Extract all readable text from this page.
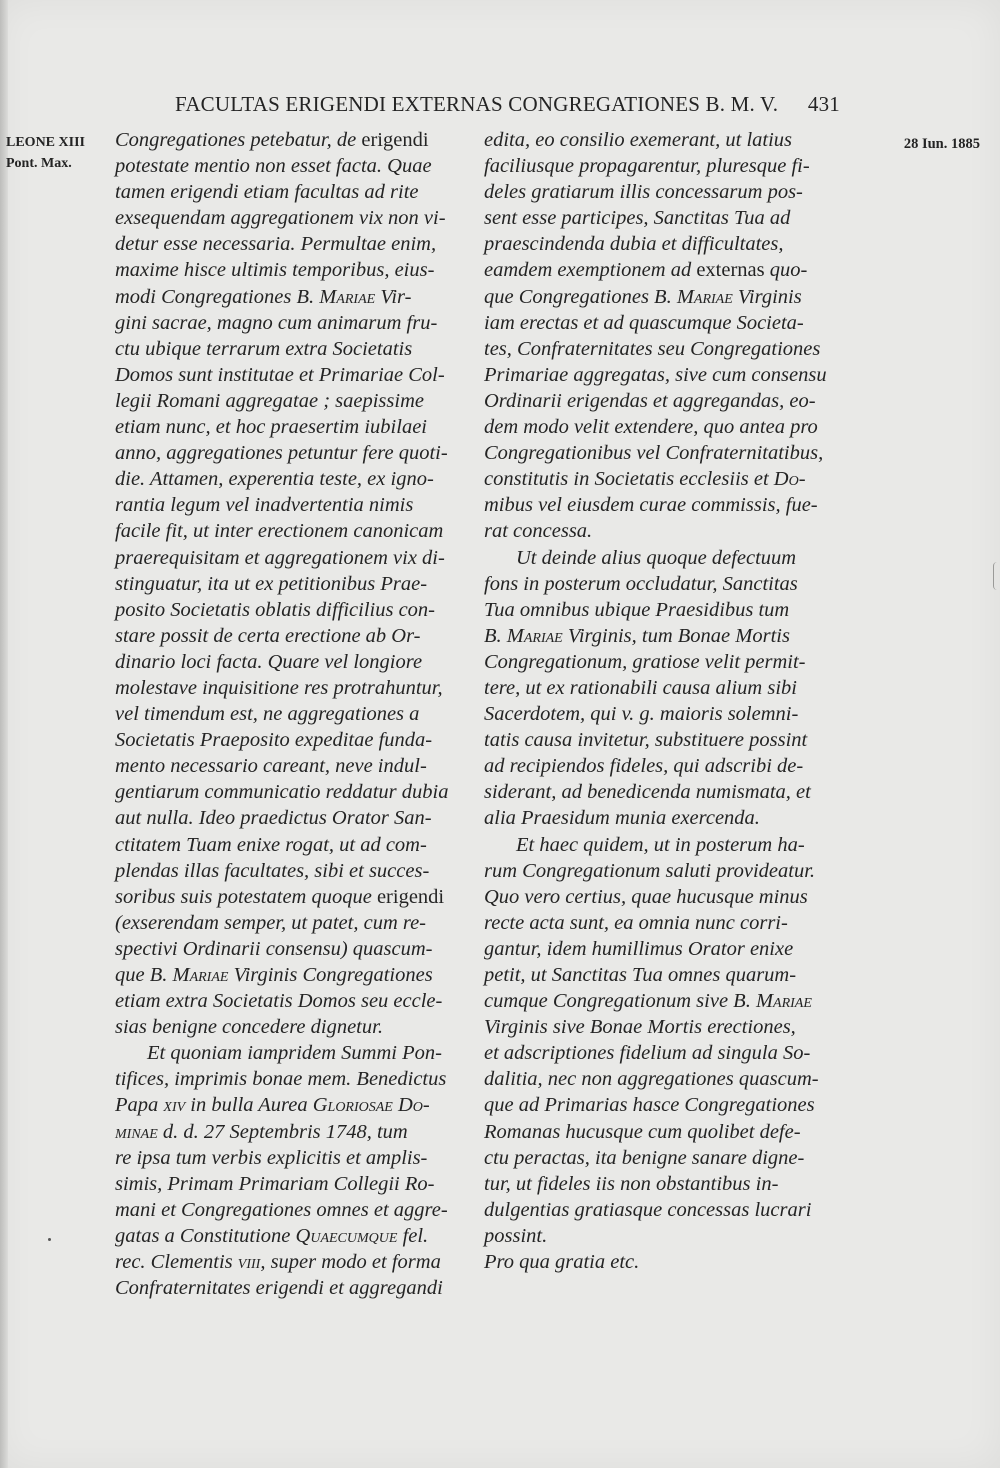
FACULTAS ERIGENDI EXTERNAS CONGREGATIONES B. M. V. 431
LEONE XIII
Pont. Max.
28 Iun. 1885
Congregationes petebatur, de erigendi
potestate mentio non esset facta. Quae
tamen erigendi etiam facultas ad rite
exsequendam aggregationem vix non vi-
detur esse necessaria. Permultae enim,
maxime hisce ultimis temporibus, eius-
modi Congregationes B. Mariae Vir-
gini sacrae, magno cum animarum fru-
ctu ubique terrarum extra Societatis
Domos sunt institutae et Primariae Col-
legii Romani aggregatae ; saepissime
etiam nunc, et hoc praesertim iubilaei
anno, aggregationes petuntur fere quoti-
die. Attamen, experentia teste, ex igno-
rantia legum vel inadvertentia nimis
facile fit, ut inter erectionem canonicam
praerequisitam et aggregationem vix di-
stinguatur, ita ut ex petitionibus Prae-
posito Societatis oblatis difficilius con-
stare possit de certa erectione ab Or-
dinario loci facta. Quare vel longiore
molestave inquisitione res protrahuntur,
vel timendum est, ne aggregationes a
Societatis Praeposito expeditae funda-
mento necessario careant, neve indul-
gentiarum communicatio reddatur dubia
aut nulla. Ideo praedictus Orator San-
ctitatem Tuam enixe rogat, ut ad com-
plendas illas facultates, sibi et succes-
soribus suis potestatem quoque erigendi
(exserendam semper, ut patet, cum re-
spectivi Ordinarii consensu) quascum-
que B. Mariae Virginis Congregationes
etiam extra Societatis Domos seu eccle-
sias benigne concedere dignetur.
Et quoniam iampridem Summi Pon-
tifices, imprimis bonae mem. Benedictus
Papa xiv in bulla Aurea Gloriosae Do-
minae d. d. 27 Septembris 1748, tum
re ipsa tum verbis explicitis et amplis-
simis, Primam Primariam Collegii Ro-
mani et Congregationes omnes et aggre-
gatas a Constitutione Quaecumque fel.
rec. Clementis viii, super modo et forma
Confraternitates erigendi et aggregandi
edita, eo consilio exemerant, ut latius
faciliusque propagarentur, pluresque fi-
deles gratiarum illis concessarum pos-
sent esse participes, Sanctitas Tua ad
praescindenda dubia et difficultates,
eamdem exemptionem ad externas quo-
que Congregationes B. Mariae Virginis
iam erectas et ad quascumque Societa-
tes, Confraternitates seu Congregationes
Primariae aggregatas, sive cum consensu
Ordinarii erigendas et aggregandas, eo-
dem modo velit extendere, quo antea pro
Congregationibus vel Confraternitatibus,
constitutis in Societatis ecclesiis et Do-
mibus vel eiusdem curae commissis, fue-
rat concessa.
Ut deinde alius quoque defectuum
fons in posterum occludatur, Sanctitas
Tua omnibus ubique Praesidibus tum
B. Mariae Virginis, tum Bonae Mortis
Congregationum, gratiose velit permit-
tere, ut ex rationabili causa alium sibi
Sacerdotem, qui v. g. maioris solemni-
tatis causa invitetur, substituere possint
ad recipiendos fideles, qui adscribi de-
siderant, ad benedicenda numismata, et
alia Praesidum munia exercenda.
Et haec quidem, ut in posterum ha-
rum Congregationum saluti provideatur.
Quo vero certius, quae hucusque minus
recte acta sunt, ea omnia nunc corri-
gantur, idem humillimus Orator enixe
petit, ut Sanctitas Tua omnes quarum-
cumque Congregationum sive B. Mariae
Virginis sive Bonae Mortis erectiones,
et adscriptiones fidelium ad singula So-
dalitia, nec non aggregationes quascum-
que ad Primarias hasce Congregationes
Romanas hucusque cum quolibet defe-
ctu peractas, ita benigne sanare digne-
tur, ut fideles iis non obstantibus in-
dulgentias gratiasque concessas lucrari
possint.
Pro qua gratia etc.
